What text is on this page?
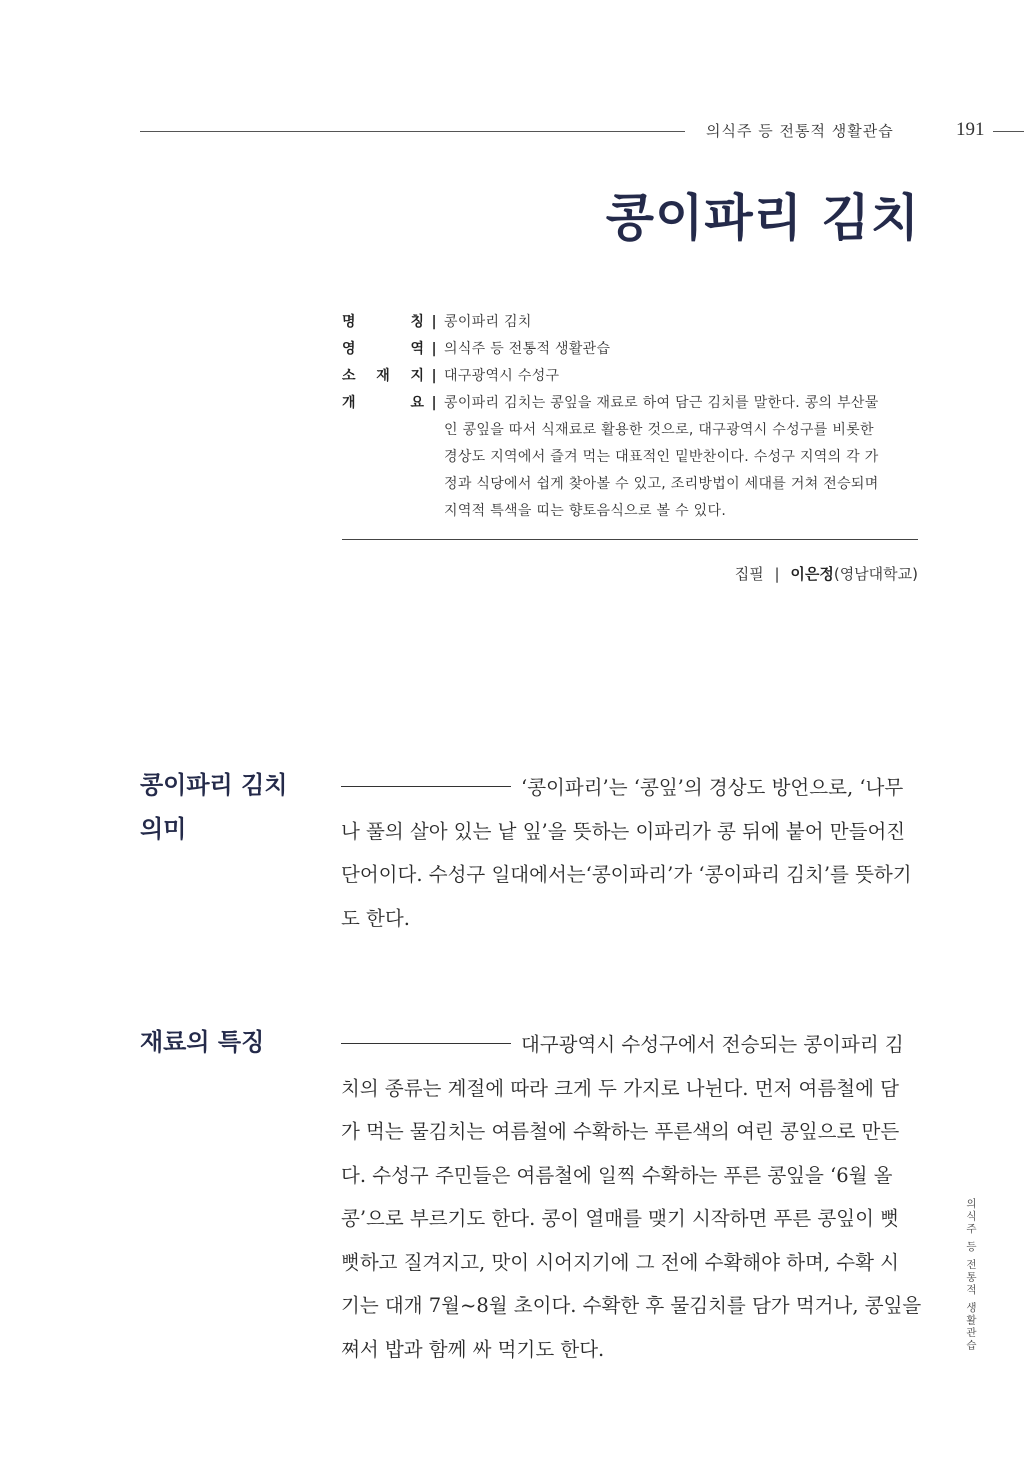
의식주 등 전통적 생활관습	191
콩이파리 김치
명	칭 | 콩이파리 김치
영	역 | 의식주 등 전통적 생활관습
소 재 지 | 대구광역시 수성구
개	요 | 콩이파리 김치는 콩잎을 재료로 하여 담근 김치를 말한다. 콩의 부산물
인 콩잎을 따서 식재료로 활용한 것으로, 대구광역시 수성구를 비롯한
경상도 지역에서 즐겨 먹는 대표적인 밑반찬이다. 수성구 지역의 각 가
정과 식당에서 쉽게 찾아볼 수 있고, 조리방법이 세대를 거쳐 전승되며
지역적 특색을 띠는 향토음식으로 볼 수 있다.
집필 | 이은정(영남대학교)
콩이파리 김치
의미
‘콩이파리’는 ‘콩잎’의 경상도 방언으로, ‘나무
나 풀의 살아 있는 낱 잎’을 뜻하는 이파리가 콩 뒤에 붙어 만들어진
단어이다. 수성구 일대에서는‘콩이파리’가 ‘콩이파리 김치’를 뜻하기
도 한다.
재료의 특징	대구광역시 수성구에서 전승되는 콩이파리 김
치의 종류는 계절에 따라 크게 두 가지로 나뉜다. 먼저 여름철에 담
가 먹는 물김치는 여름철에 수확하는 푸른색의 여린 콩잎으로 만든
다. 수성구 주민들은 여름철에 일찍 수확하는 푸른 콩잎을 ‘6월 올
콩’으로 부르기도 한다. 콩이 열매를 맺기 시작하면 푸른 콩잎이 뻣
뻣하고 질겨지고, 맛이 시어지기에 그 전에 수확해야 하며, 수확 시
기는 대개 7월~8월 초이다. 수확한 후 물김치를 담가 먹거나, 콩잎을
쪄서 밥과 함께 싸 먹기도 한다.	의식주 등 전통적 생활관습
